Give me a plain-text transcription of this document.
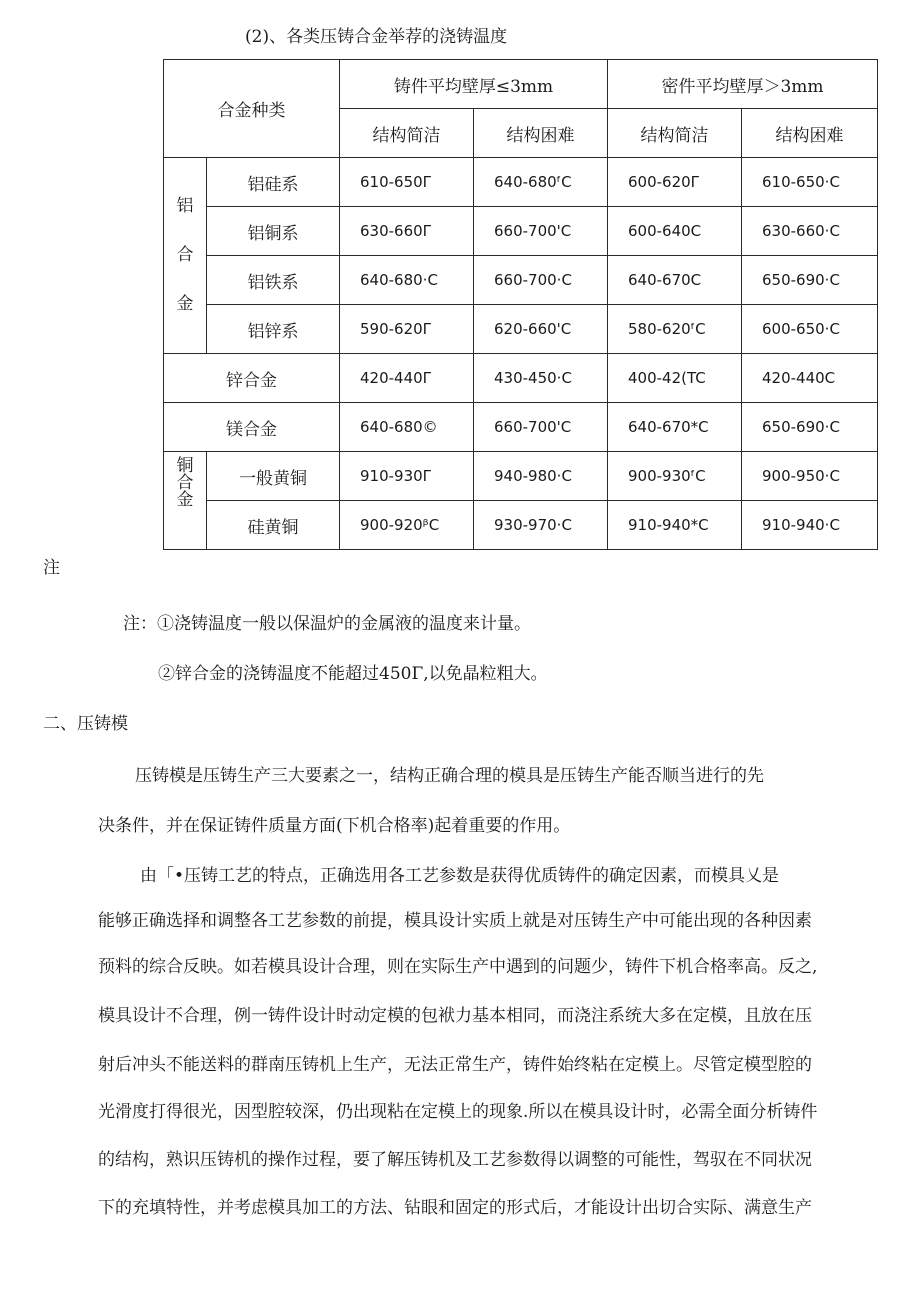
(2)、各类压铸合金举荐的浇铸温度
合金种类		铸件平均壁厚≤3mm		密件平均壁厚＞3mm	
		结构简洁	结构困难	结构简洁	结构困难

铝
合
金	铝硅系	610-650Γ	640-680ᶠC	600-620Γ	610-650·C
	铝铜系	630-660Γ	660-700'C	600-640C	630-660·C
	铝铁系	640-680·C	660-700·C	640-670C	650-690·C
	铝锌系	590-620Γ	620-660'C	580-620ᶠC	600-650·C
锌合金		420-440Γ	430-450·C	400-42(TC	420-440C
镁合金		640-680©	660-700'C	640-670*C	650-690·C

铜
合
金	一般黄铜	910-930Γ	940-980·C	900-930ᶠC	900-950·C
	硅黄铜	900-920ᵝC	930-970·C	910-940*C	910-940·C
注
注：①浇铸温度一般以保温炉的金属液的温度来计量。
②锌合金的浇铸温度不能超过450Γ,以免晶粒粗大。
二、压铸模
压铸模是压铸生产三大要素之一，结构正确合理的模具是压铸生产能否顺当进行的先
决条件，并在保证铸件质量方面(下机合格率)起着重要的作用。
由「•压铸工艺的特点，正确选用各工艺参数是获得优质铸件的确定因素，而模具乂是
能够正确选择和调整各工艺参数的前提，模具设计实质上就是对压铸生产中可能出现的各种因素
预料的综合反映。如若模具设计合理，则在实际生产中遇到的问题少，铸件下机合格率高。反之,
模具设计不合理，例一铸件设计时动定模的包袱力基本相同，而浇注系统大多在定模，且放在压
射后冲头不能送料的群南压铸机上生产，无法正常生产，铸件始终粘在定模上。尽管定模型腔的
光滑度打得很光，因型腔较深，仍出现粘在定模上的现象.所以在模具设计时，必需全面分析铸件
的结构，熟识压铸机的操作过程，要了解压铸机及工艺参数得以调整的可能性，驾驭在不同状况
下的充填特性，并考虑模具加工的方法、钻眼和固定的形式后，才能设计出切合实际、满意生产
